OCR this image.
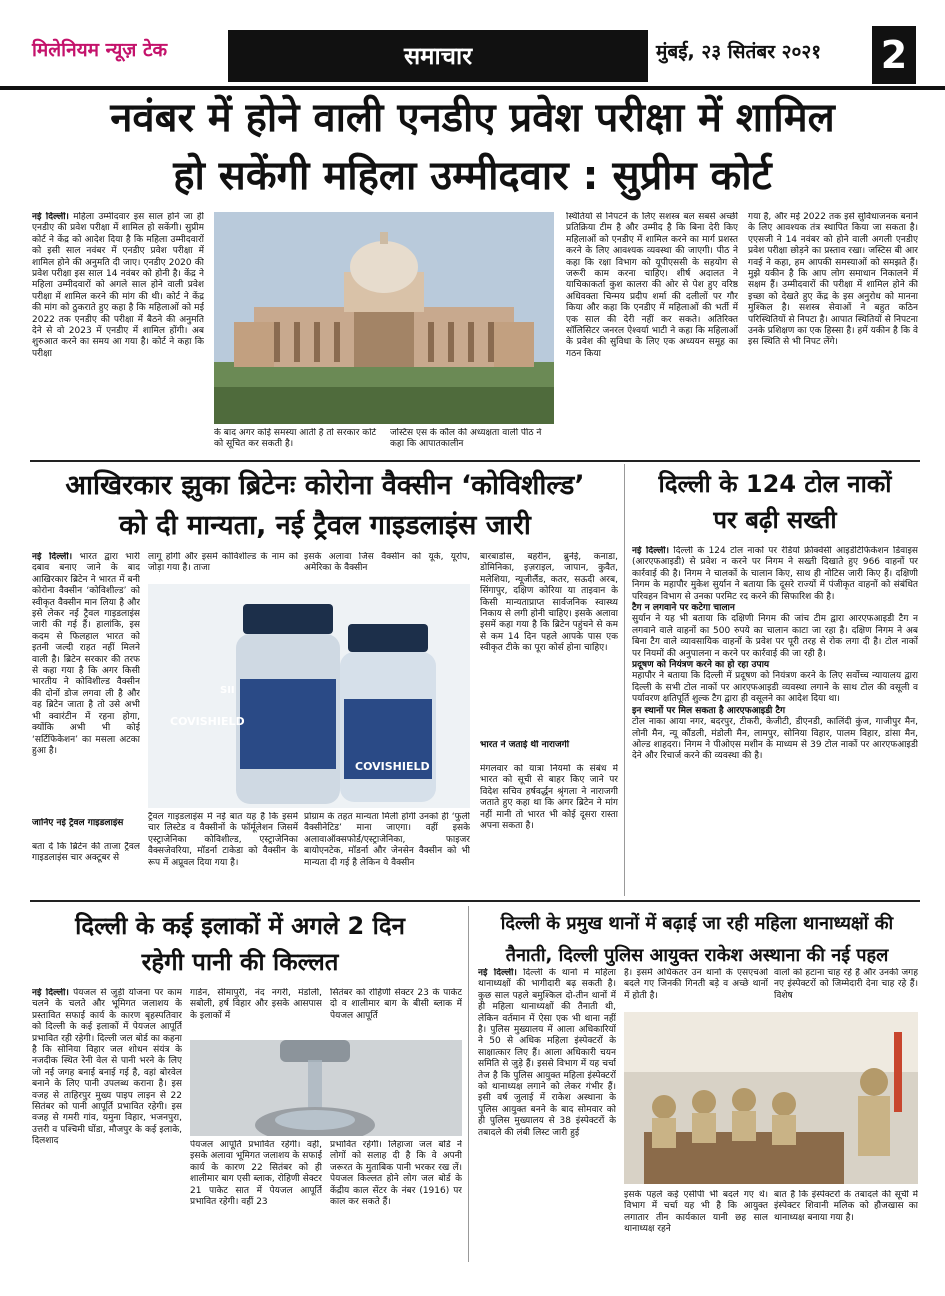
मिलेनियम न्यूज़ टेक	समाचार	मुंबई, २३ सितंबर २०२१ 2
नवंबर में होने वाली एनडीए प्रवेश परीक्षा में शामिल
हो सकेंगी महिला उम्मीदवार : सुप्रीम कोर्ट
नई दिल्ली। महिला उम्मीदवार इस साल होने जा ही एनडीए की प्रवेश परीक्षा में शामिल हो सकेंगी। सुप्रीम कोर्ट ने केंद्र को आदेश दिया है कि महिला उम्मीदवारों को इसी साल नवंबर में एनडीए प्रवेश परीक्षा में शामिल होने की अनुमति दी जाए। एनडीए 2020 की प्रवेश परीक्षा इस साल 14 नवंबर को होनी है। केंद्र ने महिला उम्मीदवारों को अगले साल होने वाली प्रवेश परीक्षा में शामिल करने की मांग की थी। कोर्ट ने केंद्र की मांग को ठुकराते हुए कहा है कि महिलाओं को मई 2022 तक एनडीए की परीक्षा में बैठने की अनुमति देने से वो 2023 में एनडीए में शामिल होंगी। अब शुरुआत करने का समय आ गया है। कोर्ट ने कहा कि परीक्षा
के बाद अगर कोई समस्या आती है तो सरकार कोर्ट को सूचित कर सकती है।
जस्टिस एस के कौल की अध्यक्षता वाली पीठ ने कहा कि आपातकालीन
स्थितियों से निपटने के लिए सशस्त्र बल सबसे अच्छी प्रतिक्रिया टीम है और उम्मीद है कि बिना देरी किए महिलाओं को एनडीए में शामिल करने का मार्ग प्रशस्त करने के लिए आवश्यक व्यवस्था की जाएगी। पीठ ने कहा कि रक्षा विभाग को यूपीएससी के सहयोग से जरूरी काम करना चाहिए। शीर्ष अदालत ने याचिकाकर्ता कुश कालरा की ओर से पेश हुए वरिष्ठ अधिवक्ता चिन्मय प्रदीप शर्मा की दलीलों पर गौर किया और कहा कि एनडीए में महिलाओं की भर्ती में एक साल की देरी नहीं कर सकते। अतिरिक्त सॉलिसिटर जनरल ऐश्वर्या भाटी ने कहा कि महिलाओं के प्रवेश की सुविधा के लिए एक अध्ययन समूह का गठन किया
गया है, और मई 2022 तक इसे सुविधाजनक बनाने के लिए आवश्यक तंत्र स्थापित किया जा सकता है। एएसजी ने 14 नवंबर को होने वाली अगली एनडीए प्रवेश परीक्षा छोड़ने का प्रस्ताव रखा। जस्टिस बी आर गवई ने कहा, हम आपकी समस्याओं को समझते हैं। मुझे यकीन है कि आप लोग समाधान निकालने में सक्षम हैं। उम्मीदवारों की परीक्षा में शामिल होने की इच्छा को देखते हुए केंद्र के इस अनुरोध को मानना मुश्किल है। सशस्त्र सेवाओं ने बहुत कठिन परिस्थितियों से निपटा है। आपात स्थितियों से निपटना उनके प्रशिक्षण का एक हिस्सा है। हमें यकीन है कि वे इस स्थिति से भी निपट लेंगे।
आखिरकार झुका ब्रिटेनः कोरोना वैक्सीन ‘कोविशील्ड’
को दी मान्यता, नई ट्रैवल गाइडलाइंस जारी
नई दिल्ली। भारत द्वारा भारी दबाव बनाए जाने के बाद आखिरकार ब्रिटेन ने भारत में बनी कोरोना वैक्सीन ‘कोविशील्ड’ को स्वीकृत वैक्सीन मान लिया है और इसे लेकर नई ट्रैवल गाइडलाइंस जारी की गई हैं। हालांकि, इस कदम से फिलहाल भारत को इतनी जल्दी राहत नहीं मिलने वाली है। ब्रिटेन सरकार की तरफ से कहा गया है कि अगर किसी भारतीय ने कोविशील्ड वैक्सीन की दोनों डोज लगवा ली है और वह ब्रिटेन जाता है तो उसे अभी भी क्वारंटीन में रहना होगा, क्योंकि अभी भी कोई ‘सर्टिफिकेशन’ का मसला अटका हुआ है।
जानिए नई ट्रैवल गाइडलाइंस
बता दें कि ब्रिटेन की ताजा ट्रैवल गाइडलाइंस चार अक्टूबर से
लागू होंगी और इसमें कोविशील्ड के नाम को जोड़ा गया है। ताजा
इसके अलावा जिस वैक्सीन को यूके, यूरोप, अमेरिका के वैक्सीन
COVISHIELD
COVISHIELD
SII
ट्रैवल गाइडलाइंस में नई बात यह है कि इसमें चार लिस्टेड व वैक्सीनों के फॉर्मूलेशन जिसमें एस्ट्राजेनिका कोविशील्ड, एस्ट्राजेनिका वैक्सजेवरिया, मॉडर्ना टाकेडा को वैक्सीन के रूप में अप्रूवल दिया गया है।
प्रोग्राम के तहत मान्यता मिली होगी उनको ही ‘फुली वैक्सीनेटिड’ माना जाएगा। वहीं इसके अलावाऑक्सफोर्ड/एस्ट्राजेनिका, फाइजर बायोएनटेक, मॉडर्ना और जेनसेन वैक्सीन को भी मान्यता दी गई है लेकिन ये वैक्सीन
बारबाडोस, बहरीन, ब्रुनेई, कनाडा, डोमिनिका, इज़राइल, जापान, कुवैत, मलेशिया, न्यूजीलैंड, कतर, सऊदी अरब, सिंगापुर, दक्षिण कोरिया या ताइवान के किसी मान्यताप्राप्त सार्वजनिक स्वास्थ्य निकाय से लगी होनी चाहिए। इसके अलावा इसमें कहा गया है कि ब्रिटेन पहुंचने से कम से कम 14 दिन पहले आपके पास एक स्वीकृत टीके का पूरा कोर्स होना चाहिए।
भारत ने जताई थी नाराजगी
मंगलवार को यात्रा नियमों के संबंध में भारत को सूची से बाहर किए जाने पर विदेश सचिव हर्षवर्द्धन श्रृंगला ने नाराजगी जताते हुए कहा था कि अगर ब्रिटेन ने मांग नहीं मानी तो भारत भी कोई दूसरा रास्ता अपना सकता है।
दिल्ली के 124 टोल नाकों
पर बढ़ी सख्ती
नई दिल्ली। दिल्ली के 124 टोल नाकों पर रेडियो फ्रीक्वेंसी आइडेंटिफिकेशन डिवाइस (आरएफआइडी) से प्रवेश न करने पर निगम ने सख्ती दिखाते हुए 966 वाहनों पर कार्रवाई की है। निगम ने चालकों के चालान किए, साथ ही नोटिस जारी किए हैं। दक्षिणी निगम के महापौर मुकेश सुर्यान ने बताया कि दूसरे राज्यों में पंजीकृत वाहनों को संबंधित परिवहन विभाग से उनका परमिट रद करने की सिफारिश की है।
टैग न लगवाने पर कटेगा चालान
सुर्यान ने यह भी बताया कि दक्षिणी निगम की जांच टीम द्वारा आरएफआइडी टैग न लगवाने वाले वाहनों का 500 रुपये का चालान काटा जा रहा है। दक्षिण निगम ने अब बिना टैग वाले व्यावसायिक वाहनों के प्रवेश पर पूरी तरह से रोक लगा दी है। टोल नाकों पर नियमों की अनुपालना न करने पर कार्रवाई की जा रही है।
प्रदूषण को नियंत्रण करने का हो रहा उपाय
महापौर ने बताया कि दिल्ली में प्रदूषण को नियंत्रण करने के लिए सर्वोच्च न्यायालय द्वारा दिल्ली के सभी टोल नाकों पर आरएफआइडी व्यवस्था लगाने के साथ टोल की वसूली व पर्यावरण क्षतिपूर्ति शुल्क टैग द्वारा ही वसूलने का आदेश दिया था।
इन स्थानों पर मिल सकता है आरएफआइडी टैग
टोल नाका आया नगर, बदरपुर, टीकरी, केजीटी, डीएनडी, कालिंदी कुंज, गाजीपुर मैन, लोनी मैन, न्यू कौंडली, मंडोली मैन, लामपुर, सोनिया विहार, पालम विहार, डांसा मैन, ओल्ड शाहदरा। निगम ने पीओएस मशीन के माध्यम से 39 टोल नाकों पर आरएफआइडी देने और रिचार्ज करने की व्यवस्था की है।
दिल्ली के कई इलाकों में अगले 2 दिन
रहेगी पानी की किल्लत
नई दिल्ली। पेयजल से जुड़ी योजना पर काम चलने के चलते और भूमिगत जलाशय के प्रस्तावित सफाई कार्य के कारण बृहस्पतिवार को दिल्ली के कई इलाकों में पेयजल आपूर्ति प्रभावित रही रहेगी। दिल्ली जल बोर्ड का कहना है कि सोनिया विहार जल शोधन संयंत्र के नजदीक स्थित रेनी वेल से पानी भरने के लिए जो नई जगह बनाई बनाई गई है, वहां बोरवेल बनाने के लिए पानी उपलब्ध कराना है। इस वजह से ताहिरपुर मुख्य पाइप लाइन से 22 सितंबर को पानी आपूर्ति प्रभावित रहेगी। इस वजह से गमरी गांव, यमुना विहार, भजनपुरा, उत्तरी व पश्चिमी घोंडा, मौजपुर के कई इलाके, दिलशाद
गार्डन, सीमापुरी, नंद नगरी, मंडोली, सबोली, हर्ष विहार और इसके आसपास के इलाकों में
सितंबर को रोहिणी सेक्टर 23 के पाकेट दो व शालीमार बाग के बीसी ब्लाक में पेयजल आपूर्ति
पेयजल आपूर्ति प्रभावित रहेगी। वहीं, इसके अलावा भूमिगत जलाशय के सफाई कार्य के कारण 22 सितंबर को ही शालीमार बाग एसी ब्लाक, रोहिणी सेक्टर 21 पाकेट सात में पेयजल आपूर्ति प्रभावित रहेगी। वहीं 23
प्रभावित रहेगी। लिहाजा जल बोर्ड ने लोगों को सलाह दी है कि वे अपनी जरूरत के मुताबिक पानी भरकर रख लें। पेयजल किल्लत होने लोग जल बोर्ड के केंद्रीय काल सेंटर के नंबर (1916) पर काल कर सकते हैं।
दिल्ली के प्रमुख थानों में बढ़ाई जा रही महिला थानाध्यक्षों की
तैनाती, दिल्ली पुलिस आयुक्त राकेश अस्थाना की नई पहल
नई दिल्ली। दिल्ली के थानों में महिला थानाध्यक्षों की भागीदारी बढ़ सकती है। कुछ साल पहले बमुश्किल दो-तीन थानों में ही महिला थानाध्यक्षों की तैनाती थी, लेकिन वर्तमान में ऐसा एक भी थाना नहीं है। पुलिस मुख्यालय में आला अधिकारियों ने 50 से अधिक महिला इंस्पेक्टरों के साक्षात्कार लिए हैं। आला अधिकारी चयन समिति से जुड़े हैं। इससे विभाग में यह चर्चा तेज है कि पुलिस आयुक्त महिला इंस्पेक्टरों को थानाध्यक्ष लगाने को लेकर गंभीर हैं। इसी वर्ष जुलाई में राकेश अस्थाना के पुलिस आयुक्त बनने के बाद सोमवार को ही पुलिस मुख्यालय से 38 इंस्पेक्टरों के तबादले की लंबी लिस्ट जारी हुई
है। इसमें अधिकतर उन थानों के एसएचओ बदले गए जिनकी गिनती बड़े व अच्छे थानों में होती है।
वालों को हटाना चाह रहे हैं और उनकी जगह नए इंस्पेक्टरों को जिम्मेदारी देना चाह रहे हैं।विशेष
इसके पहले कई एसीपी भी बदले गए थे। विभाग में चर्चा यह भी है कि आयुक्त लगातार तीन कार्यकाल यानी छह साल थानाध्यक्ष रहने
बात है कि इंस्पेक्टरों के तबादले की सूची में इंस्पेक्टर शिवानी मलिक को हौजखास का थानाध्यक्ष बनाया गया है।
